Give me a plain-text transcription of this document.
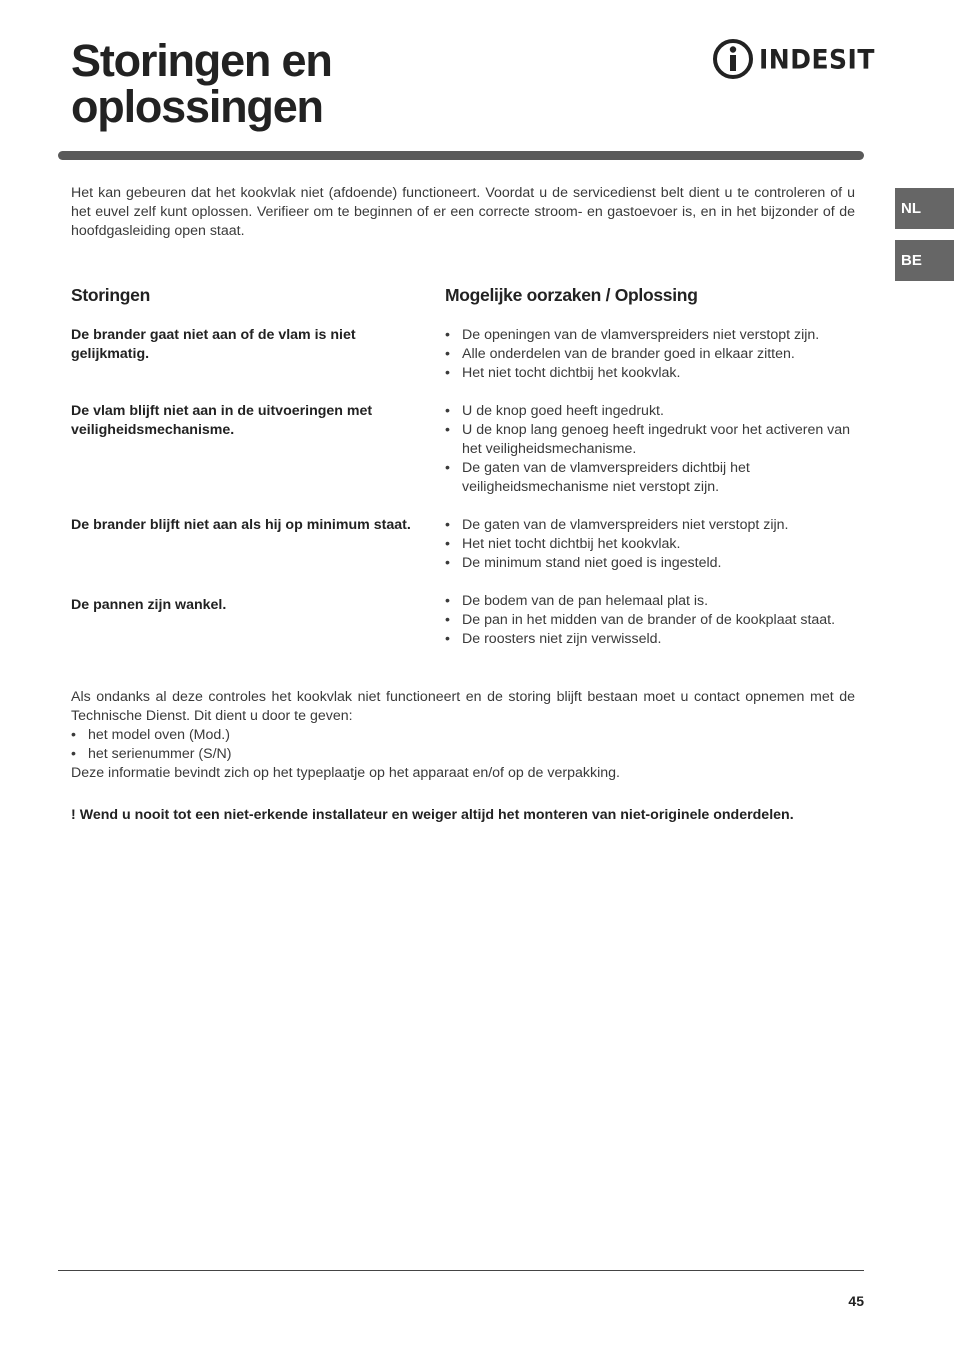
Storingen en
oplossingen
INDESIT
NL
BE

Het kan gebeuren dat het kookvlak niet (afdoende) functioneert. Voordat u de servicedienst belt dient u te controleren of u het euvel zelf kunt oplossen. Verifieer om te beginnen of er een correcte stroom- en gastoevoer is, en in het bijzonder of de hoofdgasleiding open staat.

Storingen	Mogelijke oorzaken / Oplossing

De brander gaat niet aan of de vlam is niet gelijkmatig.

• De openingen van de vlamverspreiders niet verstopt zijn.
• Alle onderdelen van de brander goed in elkaar zitten.
• Het niet tocht dichtbij het kookvlak.

De vlam blijft niet aan in de uitvoeringen met veiligheidsmechanisme.

• U de knop goed heeft ingedrukt.
• U de knop lang genoeg heeft ingedrukt voor het activeren van het veiligheidsmechanisme.
• De gaten van de vlamverspreiders dichtbij het veiligheidsmechanisme niet verstopt zijn.

De brander blijft niet aan als hij op minimum staat. • De gaten van de vlamverspreiders niet verstopt zijn.
• Het niet tocht dichtbij het kookvlak.
• De minimum stand niet goed is ingesteld.

De pannen zijn wankel.	• De bodem van de pan helemaal plat is.
• De pan in het midden van de brander of de kookplaat staat.
• De roosters niet zijn verwisseld.

Als ondanks al deze controles het kookvlak niet functioneert en de storing blijft bestaan moet u contact opnemen met de Technische Dienst. Dit dient u door te geven:

• het model oven (Mod.)
• het serienummer (S/N)

Deze informatie bevindt zich op het typeplaatje op het apparaat en/of op de verpakking.

! Wend u nooit tot een niet-erkende installateur en weiger altijd het monteren van niet-originele onderdelen.

45
